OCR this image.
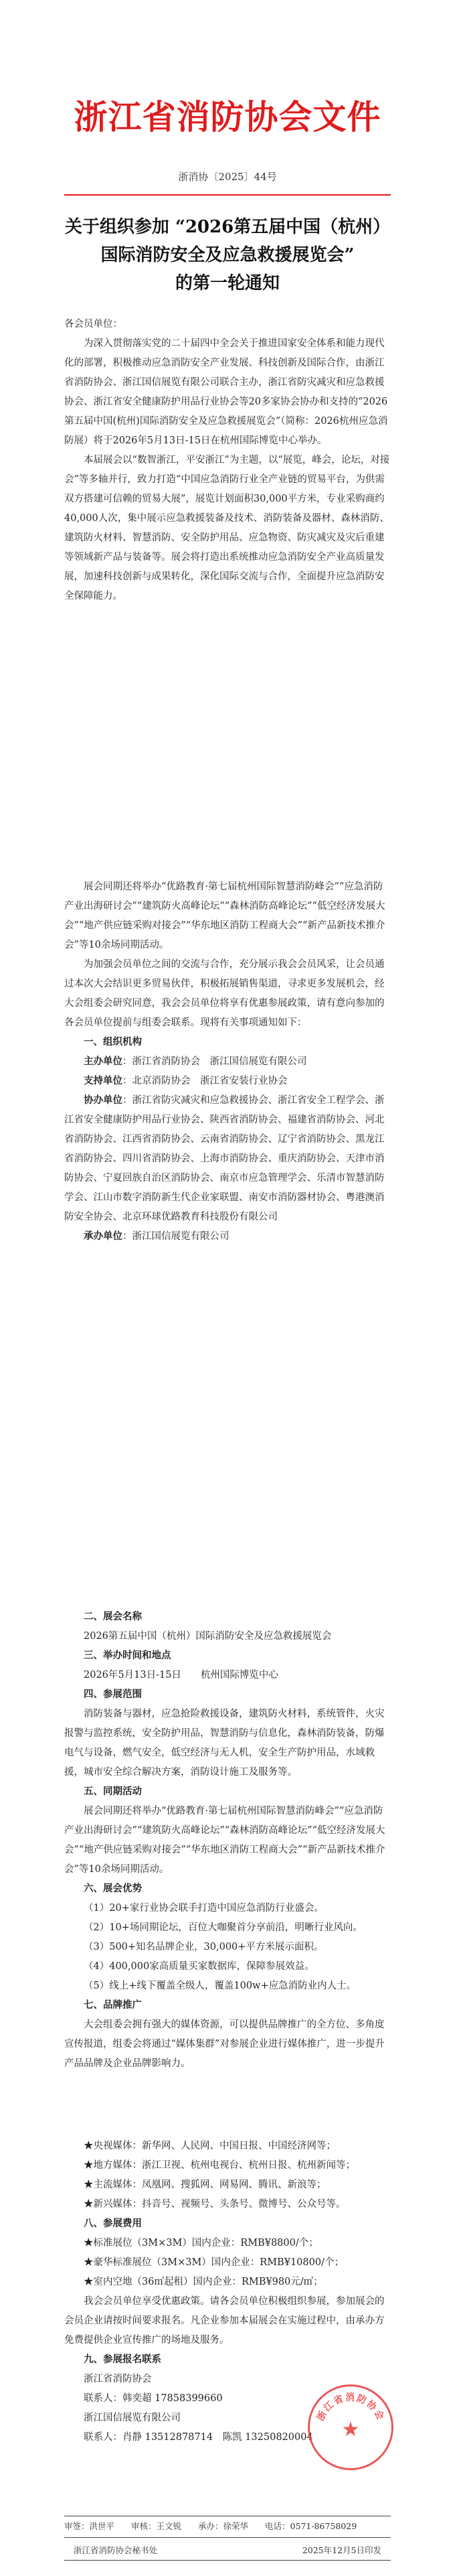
浙江省消防协会文件
浙消协〔2025〕44号
关于组织参加 “2026第五届中国（杭州）
国际消防安全及应急救援展览会”
的第一轮通知

各会员单位：

为深入贯彻落实党的二十届四中全会关于推进国家安全体系和能力现代化的部署，积极推动应急消防安全产业发展、科技创新及国际合作，由浙江省消防协会、浙江国信展览有限公司联合主办，浙江省防灾减灾和应急救援协会、浙江省安全健康防护用品行业协会等20多家协会协办和支持的“2026第五届中国(杭州)国际消防安全及应急救援展览会”（简称：2026杭州应急消防展）将于2026年5月13日-15日在杭州国际博览中心举办。

本届展会以“数智浙江，平安浙江”为主题，以“展览，峰会，论坛，对接会”等多轴并行，致力打造“中国应急消防行业全产业链的贸易平台，为供需双方搭建可信赖的贸易大展”，展览计划面积30,000平方米，专业采购商约40,000人次，集中展示应急救援装备及技术、消防装备及器材、森林消防、建筑防火材料、智慧消防、安全防护用品、应急物资、防灾减灾及灾后重建等领域新产品与装备等。展会将打造出系统推动应急消防安全产业高质量发展，加速科技创新与成果转化，深化国际交流与合作，全面提升应急消防安全保障能力。

展会同期还将举办“优路教育·第七届杭州国际智慧消防峰会”“应急消防产业出海研讨会”“建筑防火高峰论坛”“森林消防高峰论坛”“低空经济发展大会”“地产供应链采购对接会”“华东地区消防工程商大会”“新产品新技术推介会”等10余场同期活动。

为加强会员单位之间的交流与合作，充分展示我会会员风采，让会员通过本次大会结识更多贸易伙伴，积极拓展销售渠道，寻求更多发展机会，经大会组委会研究同意，我会会员单位将享有优惠参展政策，请有意向参加的各会员单位提前与组委会联系。现将有关事项通知如下：

一、组织机构

主办单位：浙江省消防协会　浙江国信展览有限公司

支持单位：北京消防协会　浙江省安装行业协会

协办单位：浙江省防灾减灾和应急救援协会、浙江省安全工程学会、浙江省安全健康防护用品行业协会、陕西省消防协会、福建省消防协会、河北省消防协会、江西省消防协会、云南省消防协会、辽宁省消防协会、黑龙江省消防协会、四川省消防协会、上海市消防协会、重庆消防协会、天津市消防协会、宁夏回族自治区消防协会、南京市应急管理学会、乐清市智慧消防学会、江山市数字消防新生代企业家联盟、南安市消防器材协会、粤港澳消防安全协会、北京环球优路教育科技股份有限公司

承办单位：浙江国信展览有限公司

二、展会名称

2026第五届中国（杭州）国际消防安全及应急救援展览会

三、举办时间和地点

2026年5月13日-15日　　杭州国际博览中心

四、参展范围

消防装备与器材，应急抢险救援设备，建筑防火材料，系统管件，火灾报警与监控系统，安全防护用品，智慧消防与信息化，森林消防装备，防爆电气与设备，燃气安全，低空经济与无人机，安全生产防护用品，水域救援，城市安全综合解决方案，消防设计施工及服务等。

五、同期活动

展会同期还将举办“优路教育·第七届杭州国际智慧消防峰会”“应急消防产业出海研讨会”“建筑防火高峰论坛”“森林消防高峰论坛”“低空经济发展大会”“地产供应链采购对接会”“华东地区消防工程商大会”“新产品新技术推介会”等10余场同期活动。

六、展会优势

（1）20+家行业协会联手打造中国应急消防行业盛会。

（2）10+场同期论坛，百位大咖聚首分享前沿，明晰行业风向。

（3）500+知名品牌企业，30,000+平方米展示面积。

（4）400,000家高质量买家数据库，保障参展效益。

（5）线上+线下覆盖全级人，覆盖100w+应急消防业内人士。

七、品牌推广

大会组委会拥有强大的媒体资源，可以提供品牌推广的全方位、多角度宣传报道，组委会将通过“媒体集群”对参展企业进行媒体推广，进一步提升产品品牌及企业品牌影响力。

★央视媒体：新华网、人民网、中国日报、中国经济网等；

★地方媒体：浙江卫视、杭州电视台、杭州日报、杭州新闻等；

★主流媒体：凤凰网、搜狐网、网易网、腾讯、新浪等；

★新兴媒体：抖音号、视频号、头条号、微博号、公众号等。

八、参展费用

★标准展位（3M×3M）国内企业：RMB¥8800/个；

★豪华标准展位（3M×3M）国内企业：RMB¥10800/个；

★室内空地（36㎡起租）国内企业：RMB¥980元/㎡；

我会会员单位享受优惠政策。请各会员单位积极组织参展，参加展会的会员企业请按时间要求报名。凡企业参加本届展会在实施过程中，由承办方免费提供企业宣传推广的场地及服务。

九、参展报名联系

浙江省消防协会

联系人：韩奕超 17858399660

浙江国信展览有限公司

联系人：肖静 13512878714　陈凯 13250820004

浙江省消防协会
★
审签：洪世平　　审核：王文锐　　承办：徐荣华　　电话：0571-86758029
浙江省消防协会秘书处	2025年12月5日印发
